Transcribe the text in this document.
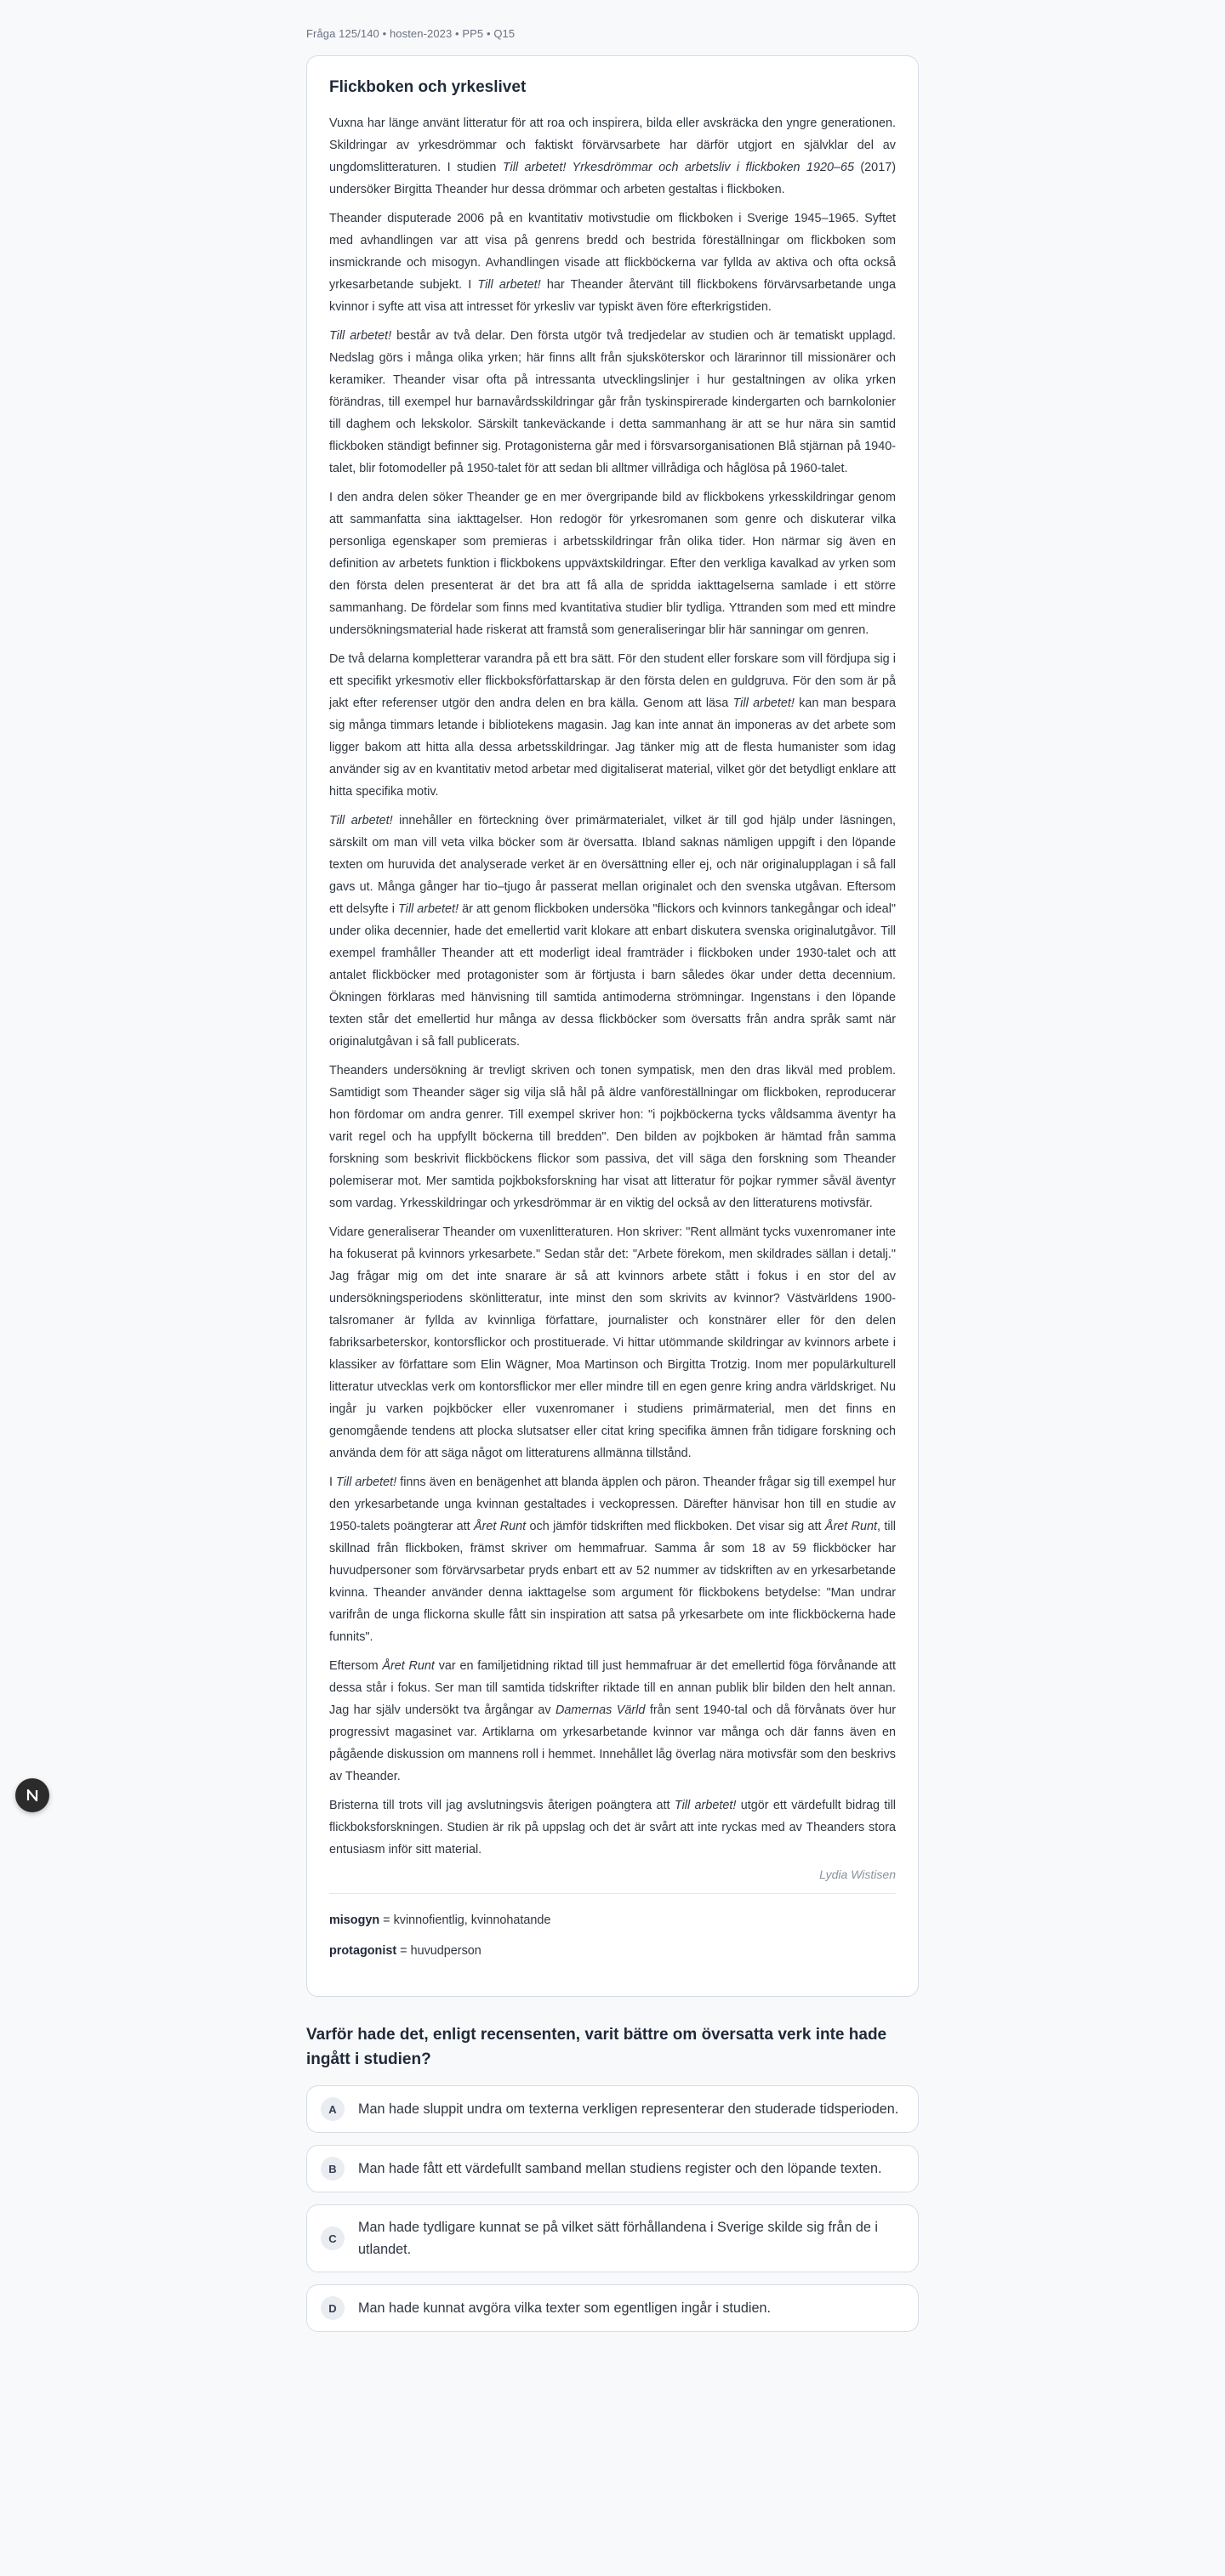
Fråga 125/140 • hosten-2023 • PP5 • Q15
Flickboken och yrkeslivet

Vuxna har länge använt litteratur för att roa och inspirera, bilda eller avskräcka den yngre generationen. Skildringar av yrkesdrömmar och faktiskt förvärvsarbete har därför utgjort en självklar del av ungdomslitteraturen. I studien Till arbetet! Yrkesdrömmar och arbetsliv i flickboken 1920–65 (2017) undersöker Birgitta Theander hur dessa drömmar och arbeten gestaltas i flickboken.

Theander disputerade 2006 på en kvantitativ motivstudie om flickboken i Sverige 1945–1965. Syftet med avhandlingen var att visa på genrens bredd och bestrida föreställningar om flickboken som insmickrande och misogyn. Avhandlingen visade att flickböckerna var fyllda av aktiva och ofta också yrkesarbetande subjekt. I Till arbetet! har Theander återvänt till flickbokens förvärvsarbetande unga kvinnor i syfte att visa att intresset för yrkesliv var typiskt även före efterkrigstiden.

Till arbetet! består av två delar. Den första utgör två tredjedelar av studien och är tematiskt upplagd. Nedslag görs i många olika yrken; här finns allt från sjuksköterskor och lärarinnor till missionärer och keramiker. Theander visar ofta på intressanta utvecklingslinjer i hur gestaltningen av olika yrken förändras, till exempel hur barnavårdsskildringar går från tyskinspirerade kindergarten och barnkolonier till daghem och lekskolor. Särskilt tankeväckande i detta sammanhang är att se hur nära sin samtid flickboken ständigt befinner sig. Protagonisterna går med i försvarsorganisationen Blå stjärnan på 1940-talet, blir fotomodeller på 1950-talet för att sedan bli alltmer villrådiga och håglösa på 1960-talet.

I den andra delen söker Theander ge en mer övergripande bild av flickbokens yrkesskildringar genom att sammanfatta sina iakttagelser. Hon redogör för yrkesromanen som genre och diskuterar vilka personliga egenskaper som premieras i arbetsskildringar från olika tider. Hon närmar sig även en definition av arbetets funktion i flickbokens uppväxtskildringar. Efter den verkliga kavalkad av yrken som den första delen presenterat är det bra att få alla de spridda iakttagelserna samlade i ett större sammanhang. De fördelar som finns med kvantitativa studier blir tydliga. Yttranden som med ett mindre undersökningsmaterial hade riskerat att framstå som generaliseringar blir här sanningar om genren.

De två delarna kompletterar varandra på ett bra sätt. För den student eller forskare som vill fördjupa sig i ett specifikt yrkesmotiv eller flickboksförfattarskap är den första delen en guldgruva. För den som är på jakt efter referenser utgör den andra delen en bra källa. Genom att läsa Till arbetet! kan man bespara sig många timmars letande i bibliotekens magasin. Jag kan inte annat än imponeras av det arbete som ligger bakom att hitta alla dessa arbetsskildringar. Jag tänker mig att de flesta humanister som idag använder sig av en kvantitativ metod arbetar med digitaliserat material, vilket gör det betydligt enklare att hitta specifika motiv.

Till arbetet! innehåller en förteckning över primärmaterialet, vilket är till god hjälp under läsningen, särskilt om man vill veta vilka böcker som är översatta. Ibland saknas nämligen uppgift i den löpande texten om huruvida det analyserade verket är en översättning eller ej, och när originalupplagan i så fall gavs ut. Många gånger har tio–tjugo år passerat mellan originalet och den svenska utgåvan. Eftersom ett delsyfte i Till arbetet! är att genom flickboken undersöka "flickors och kvinnors tankegångar och ideal" under olika decennier, hade det emellertid varit klokare att enbart diskutera svenska originalutgåvor. Till exempel framhåller Theander att ett moderligt ideal framträder i flickboken under 1930-talet och att antalet flickböcker med protagonister som är förtjusta i barn således ökar under detta decennium. Ökningen förklaras med hänvisning till samtida antimoderna strömningar. Ingenstans i den löpande texten står det emellertid hur många av dessa flickböcker som översatts från andra språk samt när originalutgåvan i så fall publicerats.

Theanders undersökning är trevligt skriven och tonen sympatisk, men den dras likväl med problem. Samtidigt som Theander säger sig vilja slå hål på äldre vanföreställningar om flickboken, reproducerar hon fördomar om andra genrer. Till exempel skriver hon: "i pojkböckerna tycks våldsamma äventyr ha varit regel och ha uppfyllt böckerna till bredden". Den bilden av pojkboken är hämtad från samma forskning som beskrivit flickböckens flickor som passiva, det vill säga den forskning som Theander polemiserar mot. Mer samtida pojkboksforskning har visat att litteratur för pojkar rymmer såväl äventyr som vardag. Yrkesskildringar och yrkesdrömmar är en viktig del också av den litteraturens motivsfär.

Vidare generaliserar Theander om vuxenlitteraturen. Hon skriver: "Rent allmänt tycks vuxenromaner inte ha fokuserat på kvinnors yrkesarbete." Sedan står det: "Arbete förekom, men skildrades sällan i detalj." Jag frågar mig om det inte snarare är så att kvinnors arbete stått i fokus i en stor del av undersökningsperiodens skönlitteratur, inte minst den som skrivits av kvinnor? Västvärldens 1900-talsromaner är fyllda av kvinnliga författare, journalister och konstnärer eller för den delen fabriksarbeterskor, kontorsflickor och prostituerade. Vi hittar utömmande skildringar av kvinnors arbete i klassiker av författare som Elin Wägner, Moa Martinson och Birgitta Trotzig. Inom mer populärkulturell litteratur utvecklas verk om kontorsflickor mer eller mindre till en egen genre kring andra världskriget. Nu ingår ju varken pojkböcker eller vuxenromaner i studiens primärmaterial, men det finns en genomgående tendens att plocka slutsatser eller citat kring specifika ämnen från tidigare forskning och använda dem för att säga något om litteraturens allmänna tillstånd.

I Till arbetet! finns även en benägenhet att blanda äpplen och päron. Theander frågar sig till exempel hur den yrkesarbetande unga kvinnan gestaltades i veckopressen. Därefter hänvisar hon till en studie av 1950-talets poängterar att Året Runt och jämför tidskriften med flickboken. Det visar sig att Året Runt, till skillnad från flickboken, främst skriver om hemmafruar. Samma år som 18 av 59 flickböcker har huvudpersoner som förvärvsarbetar pryds enbart ett av 52 nummer av tidskriften av en yrkesarbetande kvinna. Theander använder denna iakttagelse som argument för flickbokens betydelse: "Man undrar varifrån de unga flickorna skulle fått sin inspiration att satsa på yrkesarbete om inte flickböckerna hade funnits".

Eftersom Året Runt var en familjetidning riktad till just hemmafruar är det emellertid föga förvånande att dessa står i fokus. Ser man till samtida tidskrifter riktade till en annan publik blir bilden den helt annan. Jag har själv undersökt tva årgångar av Damernas Värld från sent 1940-tal och då förvånats över hur progressivt magasinet var. Artiklarna om yrkesarbetande kvinnor var många och där fanns även en pågående diskussion om mannens roll i hemmet. Innehållet låg överlag nära motivsfär som den beskrivs av Theander.

Bristerna till trots vill jag avslutningsvis återigen poängtera att Till arbetet! utgör ett värdefullt bidrag till flickboksforskningen. Studien är rik på uppslag och det är svårt att inte ryckas med av Theanders stora entusiasm inför sitt material.

Lydia Wistisen
misogyn = kvinnofientlig, kvinnohatande
protagonist = huvudperson
Varför hade det, enligt recensenten, varit bättre om översatta verk inte hade ingått i studien?
A	Man hade sluppit undra om texterna verkligen representerar den studerade tidsperioden.
B	Man hade fått ett värdefullt samband mellan studiens register och den löpande texten.
C
Man hade tydligare kunnat se på vilket sätt förhållandena i Sverige skilde sig från de i utlandet.
D	Man hade kunnat avgöra vilka texter som egentligen ingår i studien.
